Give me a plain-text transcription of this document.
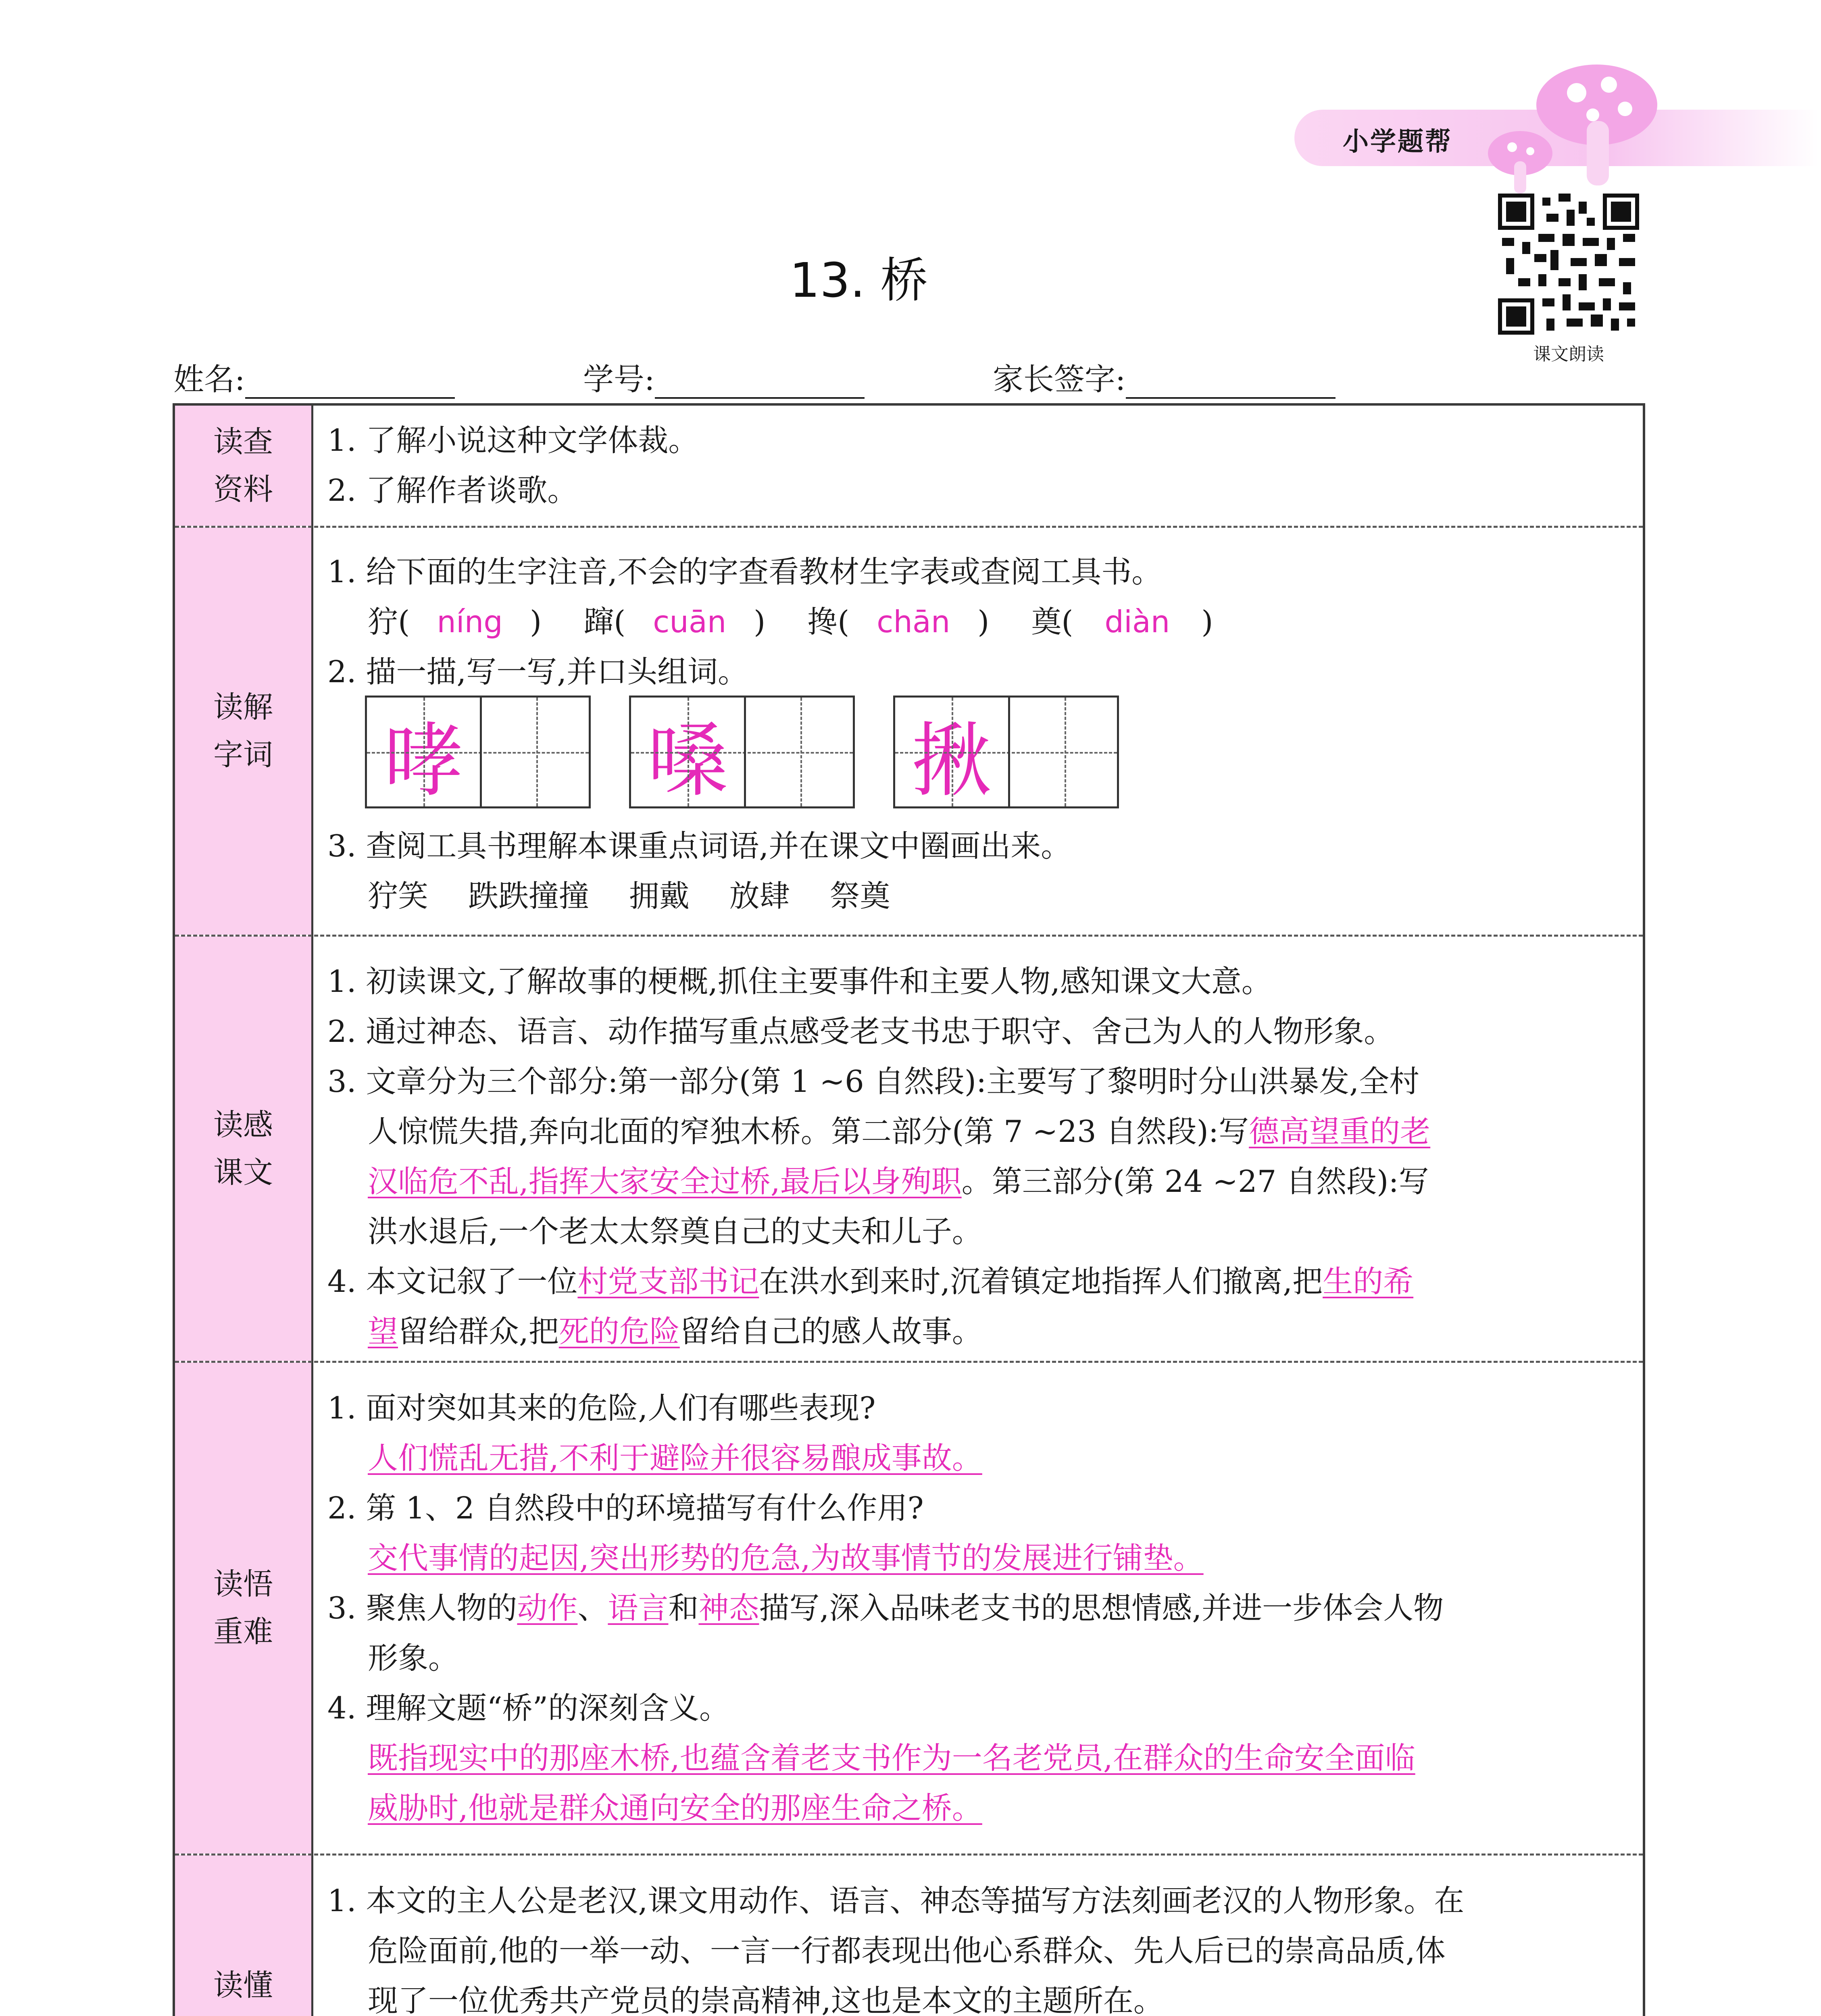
小学题帮
课文朗读
13. 桥
姓名:	学号:	家长签字:
读查资料
读解字词
读感课文
读悟重难
读懂
1. 了解小说这种文学体裁。
2. 了解作者谈歌。
1. 给下面的生字注音,不会的字查看教材生字表或查阅工具书。
狞( níng ) 蹿( cuān ) 搀( chān ) 奠( diàn )
2. 描一描,写一写,并口头组词。
哮 嗓 揪
3. 查阅工具书理解本课重点词语,并在课文中圈画出来。
狞笑 跌跌撞撞 拥戴 放肆 祭奠
1. 初读课文,了解故事的梗概,抓住主要事件和主要人物,感知课文大意。
2. 通过神态、语言、动作描写重点感受老支书忠于职守、舍己为人的人物形象。
3. 文章分为三个部分:第一部分(第 1 ~6 自然段):主要写了黎明时分山洪暴发,全村
人惊慌失措,奔向北面的窄独木桥。第二部分(第 7 ~23 自然段):写德高望重的老
汉临危不乱,指挥大家安全过桥,最后以身殉职。第三部分(第 24 ~27 自然段):写
洪水退后,一个老太太祭奠自己的丈夫和儿子。
4. 本文记叙了一位村党支部书记在洪水到来时,沉着镇定地指挥人们撤离,把生的希
望留给群众,把死的危险留给自己的感人故事。
1. 面对突如其来的危险,人们有哪些表现?
人们慌乱无措,不利于避险并很容易酿成事故。
2. 第 1、2 自然段中的环境描写有什么作用?
交代事情的起因,突出形势的危急,为故事情节的发展进行铺垫。
3. 聚焦人物的动作、语言和神态描写,深入品味老支书的思想情感,并进一步体会人物
形象。
4. 理解文题“桥”的深刻含义。
既指现实中的那座木桥,也蕴含着老支书作为一名老党员,在群众的生命安全面临
威胁时,他就是群众通向安全的那座生命之桥。
1. 本文的主人公是老汉,课文用动作、语言、神态等描写方法刻画老汉的人物形象。在
危险面前,他的一举一动、一言一行都表现出他心系群众、先人后已的崇高品质,体
现了一位优秀共产党员的崇高精神,这也是本文的主题所在。
